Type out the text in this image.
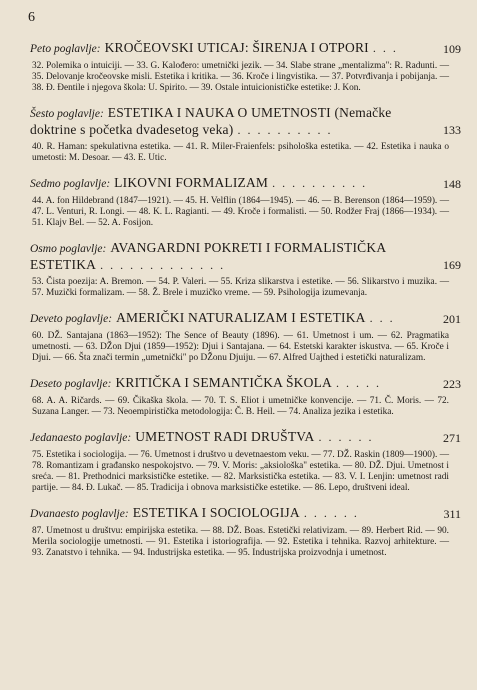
6
Peto poglavlje: KROČEOVSKI UTICAJ: ŠIRENJA I OTPORI . . .	109
32. Polemika o intuiciji. — 33. G. Kalođero: umetnički jezik. — 34. Slabe strane „mentalizma": R. Radunti. — 35. Delovanje kročeovske misli. Estetika i kritika. — 36. Kroče i lingvistika. — 37. Potvrđivanja i pobijanja. — 38. Đ. Đentile i njegova škola: U. Spirito. — 39. Ostale intuicionističke estetike: J. Kon.
Šesto poglavlje: ESTETIKA I NAUKA O UMETNOSTI (Nemačke doktrine s početka dvadesetog veka) . . . . . . . . . .	133
40. R. Haman: spekulativna estetika. — 41. R. Miler-Fraienfels: psihološka estetika. — 42. Estetika i nauka o umetosti: M. Desoar. — 43. E. Utic.
Sedmo poglavlje: LIKOVNI FORMALIZAM . . . . . . . . . .	148
44. A. fon Hildebrand (1847—1921). — 45. H. Velflin (1864—1945). — 46. — B. Berenson (1864—1959). — 47. L. Venturi, R. Longi. — 48. K. L. Ragianti. — 49. Kroče i formalisti. — 50. Rodžer Fraj (1866—1934). — 51. Klajv Bel. — 52. A. Fosijon.
Osmo poglavlje: AVANGARDNI POKRETI I FORMALISTIČKA ESTETIKA . . . . . . . . . . . . .	169
53. Čista poezija: A. Bremon. — 54. P. Valeri. — 55. Kriza slikarstva i estetike. — 56. Slikarstvo i muzika. — 57. Muzički formalizam. — 58. Ž. Brele i muzičko vreme. — 59. Psihologija izumevanja.
Deveto poglavlje: AMERIČKI NATURALIZAM I ESTETIKA . . .	201
60. DŽ. Santajana (1863—1952): The Sence of Beauty (1896). — 61. Umetnost i um. — 62. Pragmatika umetnosti. — 63. DŽon Djui (1859—1952): Djui i Santajana. — 64. Estetski karakter iskustva. — 65. Kroče i Djui. — 66. Šta znači termin „umetnički" po DŽonu Djuiju. — 67. Alfred Uajthed i estetički naturalizam.
Deseto poglavlje: KRITIČKA I SEMANTIČKA ŠKOLA . . . . .	223
68. A. A. Ričards. — 69. Čikaška škola. — 70. T. S. Eliot i umetničke konvencije. — 71. Č. Moris. — 72. Suzana Langer. — 73. Neoempiristička metodologija: Č. B. Heil. — 74. Analiza jezika i estetika.
Jedanaesto poglavlje: UMETNOST RADI DRUŠTVA . . . . . .	271
75. Estetika i sociologija. — 76. Umetnost i društvo u devetnaestom veku. — 77. DŽ. Raskin (1809—1900). — 78. Romantizam i građansko nespokojstvo. — 79. V. Moris: „aksiološka" estetika. — 80. DŽ. Djui. Umetnost i sreća. — 81. Prethodnici marksističke estetike. — 82. Marksistička estetika. — 83. V. I. Lenjin: umetnost radi partije. — 84. Đ. Lukač. — 85. Tradicija i obnova marksističke estetike. — 86. Lepo, društveni ideal.
Dvanaesto poglavlje: ESTETIKA I SOCIOLOGIJA . . . . . .	311
87. Umetnost u društvu: empirijska estetika. — 88. DŽ. Boas. Estetički relativizam. — 89. Herbert Rid. — 90. Merila sociologije umetnosti. — 91. Estetika i istoriografija. — 92. Estetika i tehnika. Razvoj arhitekture. — 93. Zanatstvo i tehnika. — 94. Industrijska estetika. — 95. Industrijska proizvodnja i umetnost.
